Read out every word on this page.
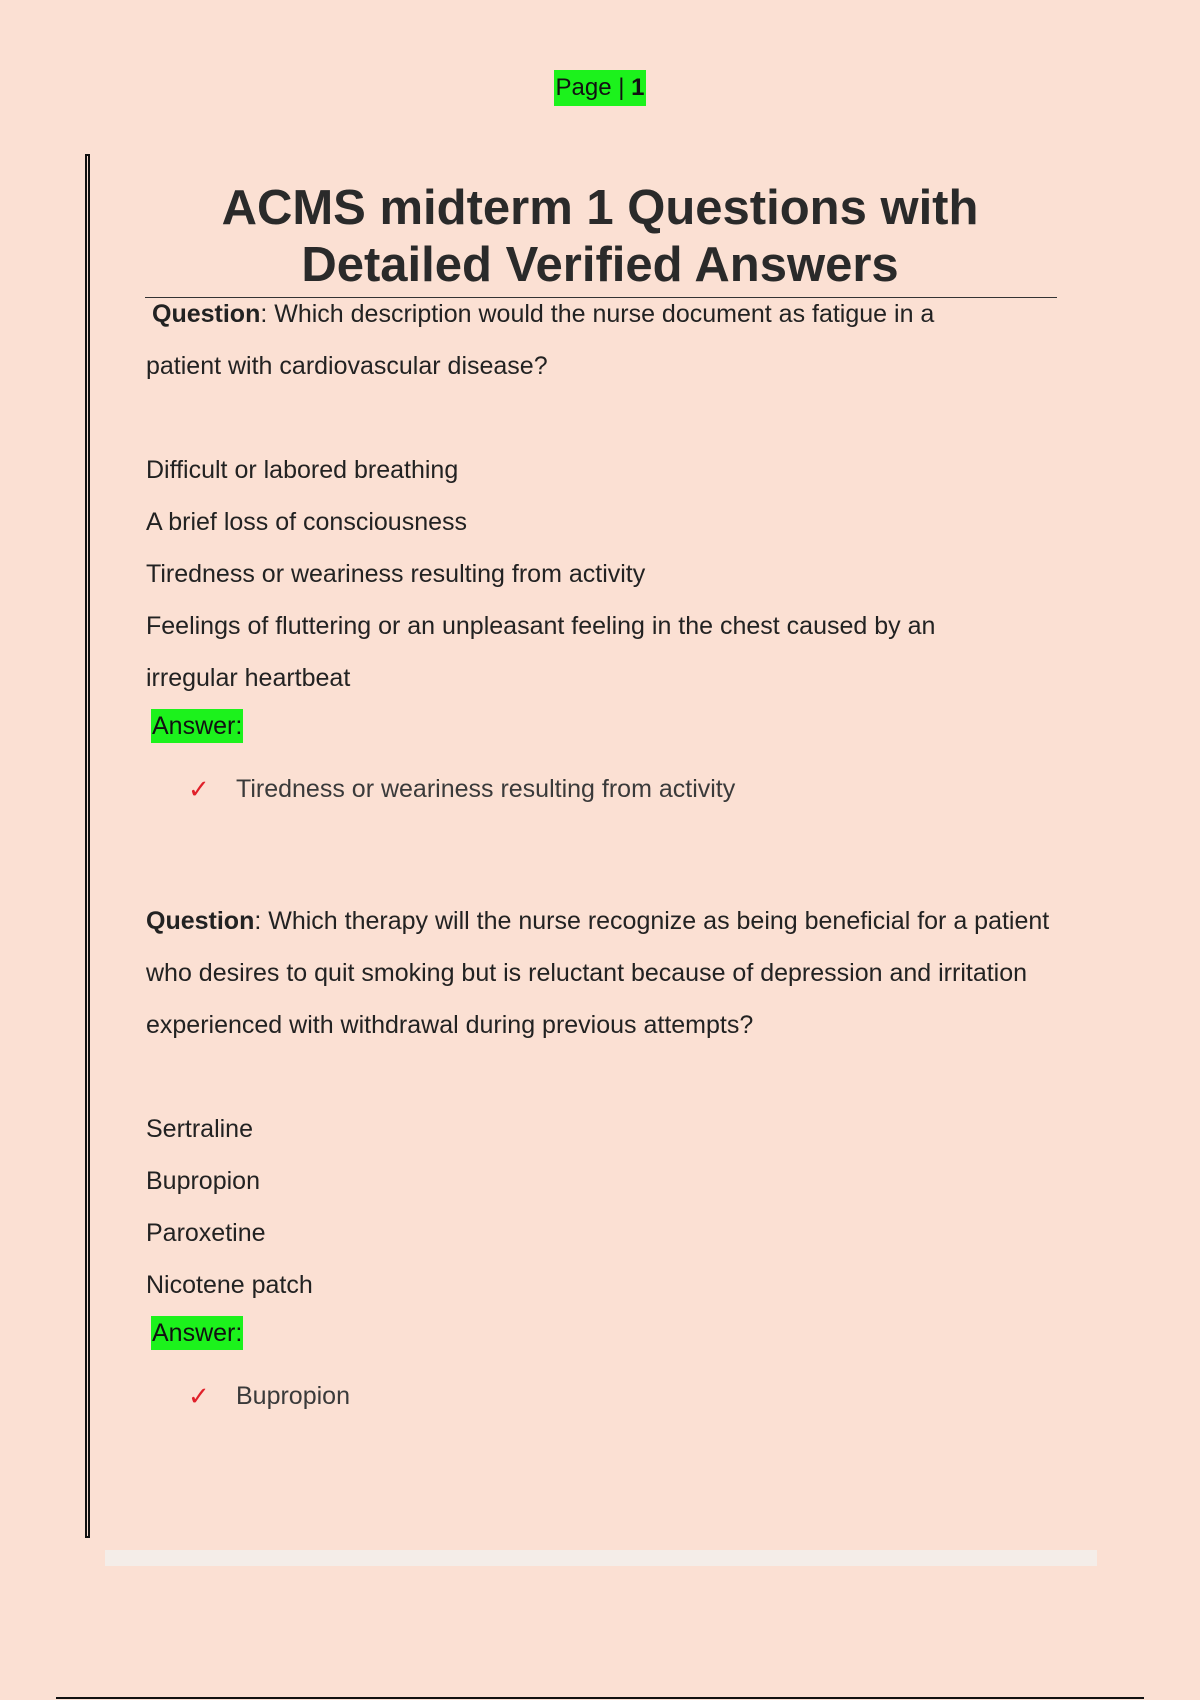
Page | 1
ACMS midterm 1 Questions with Detailed Verified Answers

Question: Which description would the nurse document as fatigue in a patient with cardiovascular disease?

Difficult or labored breathing
A brief loss of consciousness
Tiredness or weariness resulting from activity
Feelings of fluttering or an unpleasant feeling in the chest caused by an irregular heartbeat
Answer:
✓	Tiredness or weariness resulting from activity

Question: Which therapy will the nurse recognize as being beneficial for a patient who desires to quit smoking but is reluctant because of depression and irritation experienced with withdrawal during previous attempts?

Sertraline
Bupropion
Paroxetine
Nicotene patch
Answer:
✓	Bupropion
